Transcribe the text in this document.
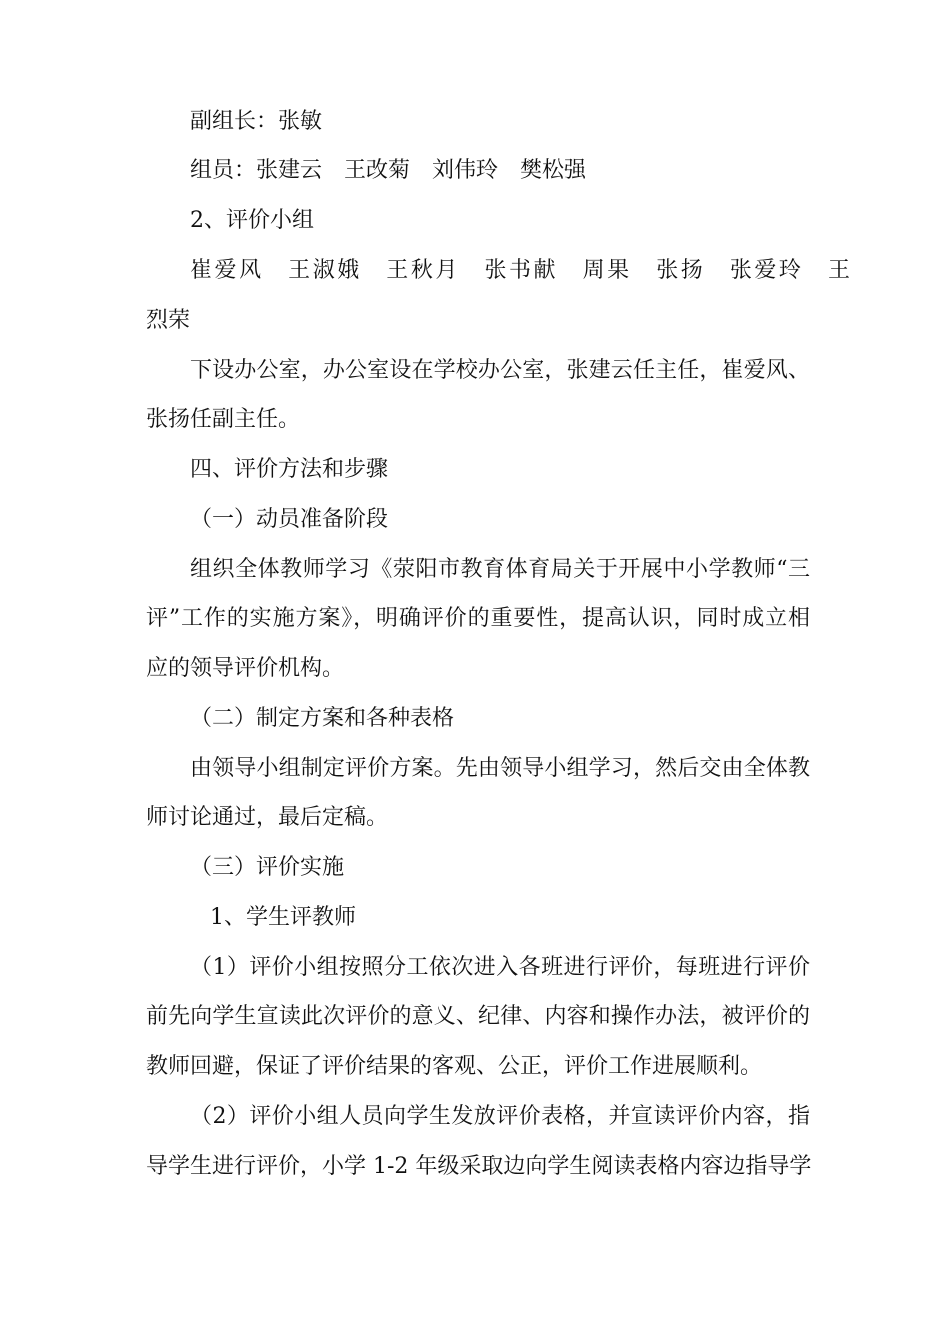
副组长：张敏
组员：张建云　王改菊　刘伟玲　樊松强
2、评价小组
崔爱风　王淑娥　王秋月　张书献　周果　张扬　张爱玲　王
烈荣
下设办公室，办公室设在学校办公室，张建云任主任，崔爱风、
张扬任副主任。
四、评价方法和步骤
（一）动员准备阶段
组织全体教师学习《荥阳市教育体育局关于开展中小学教师“三
评”工作的实施方案》，明确评价的重要性，提高认识，同时成立相
应的领导评价机构。
（二）制定方案和各种表格
由领导小组制定评价方案。先由领导小组学习，然后交由全体教
师讨论通过，最后定稿。
（三）评价实施
1、学生评教师
（1）评价小组按照分工依次进入各班进行评价，每班进行评价
前先向学生宣读此次评价的意义、纪律、内容和操作办法，被评价的
教师回避，保证了评价结果的客观、公正，评价工作进展顺利。
（2）评价小组人员向学生发放评价表格，并宣读评价内容，指
导学生进行评价，小学 1-2 年级采取边向学生阅读表格内容边指导学
